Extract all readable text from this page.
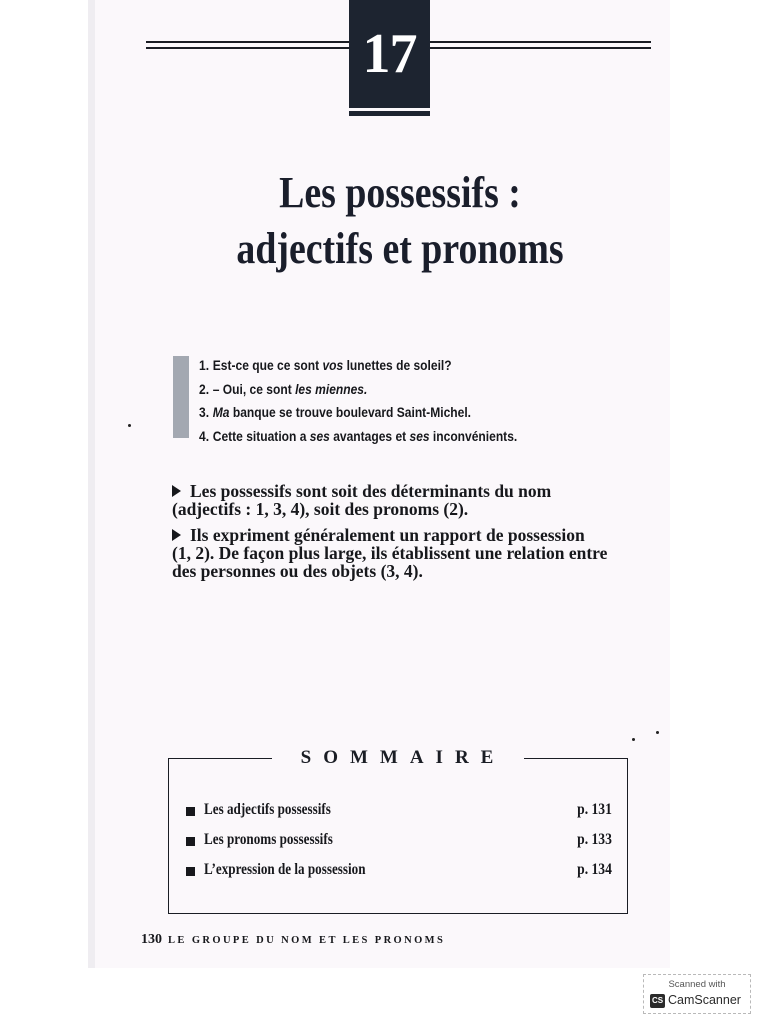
17
Les possessifs :
adjectifs et pronoms
1. Est-ce que ce sont vos lunettes de soleil?
2. – Oui, ce sont les miennes.
3. Ma banque se trouve boulevard Saint-Michel.
4. Cette situation a ses avantages et ses inconvénients.
Les possessifs sont soit des déterminants du nom
(adjectifs : 1, 3, 4), soit des pronoms (2).
Ils expriment généralement un rapport de possession
(1, 2). De façon plus large, ils établissent une relation entre
des personnes ou des objets (3, 4).
SOMMAIRE
Les adjectifs possessifs	p. 131
Les pronoms possessifs	p. 133
L’expression de la possession	p. 134
130 LE GROUPE DU NOM ET LES PRONOMS
Scanned with
CS CamScanner
